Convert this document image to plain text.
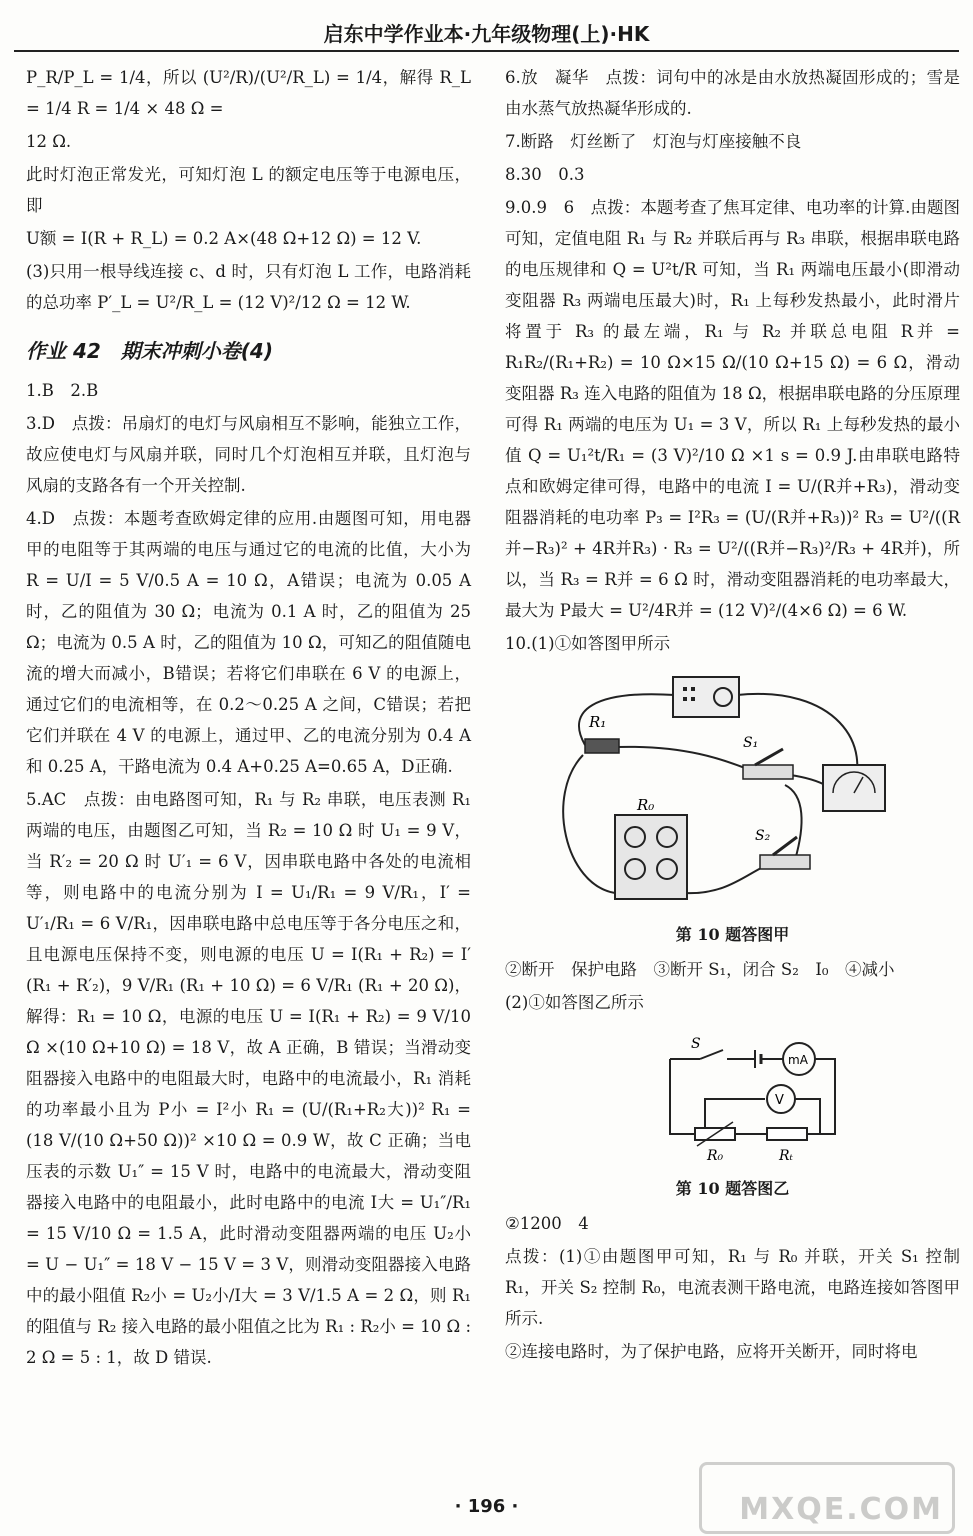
启东中学作业本·九年级物理(上)·HK

P_R/P_L = 1/4，所以 (U²/R)/(U²/R_L) = 1/4，解得 R_L = 1/4 R = 1/4 × 48 Ω =

12 Ω.

此时灯泡正常发光，可知灯泡 L 的额定电压等于电源电压，即

U额 = I(R + R_L) = 0.2 A×(48 Ω+12 Ω) = 12 V.

(3)只用一根导线连接 c、d 时，只有灯泡 L 工作，电路消耗的总功率 P′_L = U²/R_L = (12 V)²/12 Ω = 12 W.

作业 42　期末冲刺小卷(4)

1.B　2.B

3.D　点拨：吊扇灯的电灯与风扇相互不影响，能独立工作，故应使电灯与风扇并联，同时几个灯泡相互并联，且灯泡与风扇的支路各有一个开关控制.

4.D　点拨：本题考查欧姆定律的应用.由题图可知，用电器甲的电阻等于其两端的电压与通过它的电流的比值，大小为 R = U/I = 5 V/0.5 A = 10 Ω，A错误；电流为 0.05 A 时，乙的阻值为 30 Ω；电流为 0.1 A 时，乙的阻值为 25 Ω；电流为 0.5 A 时，乙的阻值为 10 Ω，可知乙的阻值随电流的增大而减小，B错误；若将它们串联在 6 V 的电源上，通过它们的电流相等，在 0.2～0.25 A 之间，C错误；若把它们并联在 4 V 的电源上，通过甲、乙的电流分别为 0.4 A 和 0.25 A，干路电流为 0.4 A+0.25 A=0.65 A，D正确.

5.AC　点拨：由电路图可知，R₁ 与 R₂ 串联，电压表测 R₁ 两端的电压，由题图乙可知，当 R₂ = 10 Ω 时 U₁ = 9 V，当 R′₂ = 20 Ω 时 U′₁ = 6 V，因串联电路中各处的电流相等，则电路中的电流分别为 I = U₁/R₁ = 9 V/R₁，I′ = U′₁/R₁ = 6 V/R₁，因串联电路中总电压等于各分电压之和，且电源电压保持不变，则电源的电压 U = I(R₁ + R₂) = I′(R₁ + R′₂)，9 V/R₁ (R₁ + 10 Ω) = 6 V/R₁ (R₁ + 20 Ω)，解得：R₁ = 10 Ω，电源的电压 U = I(R₁ + R₂) = 9 V/10 Ω ×(10 Ω+10 Ω) = 18 V，故 A 正确，B 错误；当滑动变阻器接入电路中的电阻最大时，电路中的电流最小，R₁ 消耗的功率最小且为 P小 = I²小 R₁ = (U/(R₁+R₂大))² R₁ = (18 V/(10 Ω+50 Ω))² ×10 Ω = 0.9 W，故 C 正确；当电压表的示数 U₁″ = 15 V 时，电路中的电流最大，滑动变阻器接入电路中的电阻最小，此时电路中的电流 I大 = U₁″/R₁ = 15 V/10 Ω = 1.5 A，此时滑动变阻器两端的电压 U₂小 = U − U₁″ = 18 V − 15 V = 3 V，则滑动变阻器接入电路中的最小阻值 R₂小 = U₂小/I大 = 3 V/1.5 A = 2 Ω，则 R₁ 的阻值与 R₂ 接入电路的最小阻值之比为 R₁ : R₂小 = 10 Ω : 2 Ω = 5 : 1，故 D 错误.

6.放　凝华　点拨：词句中的冰是由水放热凝固形成的；雪是由水蒸气放热凝华形成的.

7.断路　灯丝断了　灯泡与灯座接触不良

8.30　0.3

9.0.9　6　点拨：本题考查了焦耳定律、电功率的计算.由题图可知，定值电阻 R₁ 与 R₂ 并联后再与 R₃ 串联，根据串联电路的电压规律和 Q = U²t/R 可知，当 R₁ 两端电压最小(即滑动变阻器 R₃ 两端电压最大)时，R₁ 上每秒发热最小，此时滑片将置于 R₃ 的最左端，R₁ 与 R₂ 并联总电阻 R并 = R₁R₂/(R₁+R₂) = 10 Ω×15 Ω/(10 Ω+15 Ω) = 6 Ω，滑动变阻器 R₃ 连入电路的阻值为 18 Ω，根据串联电路的分压原理可得 R₁ 两端的电压为 U₁ = 3 V，所以 R₁ 上每秒发热的最小值 Q = U₁²t/R₁ = (3 V)²/10 Ω ×1 s = 0.9 J.由串联电路特点和欧姆定律可得，电路中的电流 I = U/(R并+R₃)，滑动变阻器消耗的电功率 P₃ = I²R₃ = (U/(R并+R₃))² R₃ = U²/((R并−R₃)² + 4R并R₃) · R₃ = U²/((R并−R₃)²/R₃ + 4R并)，所以，当 R₃ = R并 = 6 Ω 时，滑动变阻器消耗的电功率最大，最大为 P最大 = U²/4R并 = (12 V)²/(4×6 Ω) = 6 W.

10.(1)①如答图甲所示

R₁
S₁
R₀
S₂
第 10 题答图甲

②断开　保护电路　③断开 S₁，闭合 S₂　I₀　④减小

(2)①如答图乙所示

S
mA
V
R₀	Rₜ
第 10 题答图乙

②1200　4

点拨：(1)①由题图甲可知，R₁ 与 R₀ 并联，开关 S₁ 控制 R₁，开关 S₂ 控制 R₀，电流表测干路电流，电路连接如答图甲所示.

②连接电路时，为了保护电路，应将开关断开，同时将电

MXQE.COM
· 196 ·
